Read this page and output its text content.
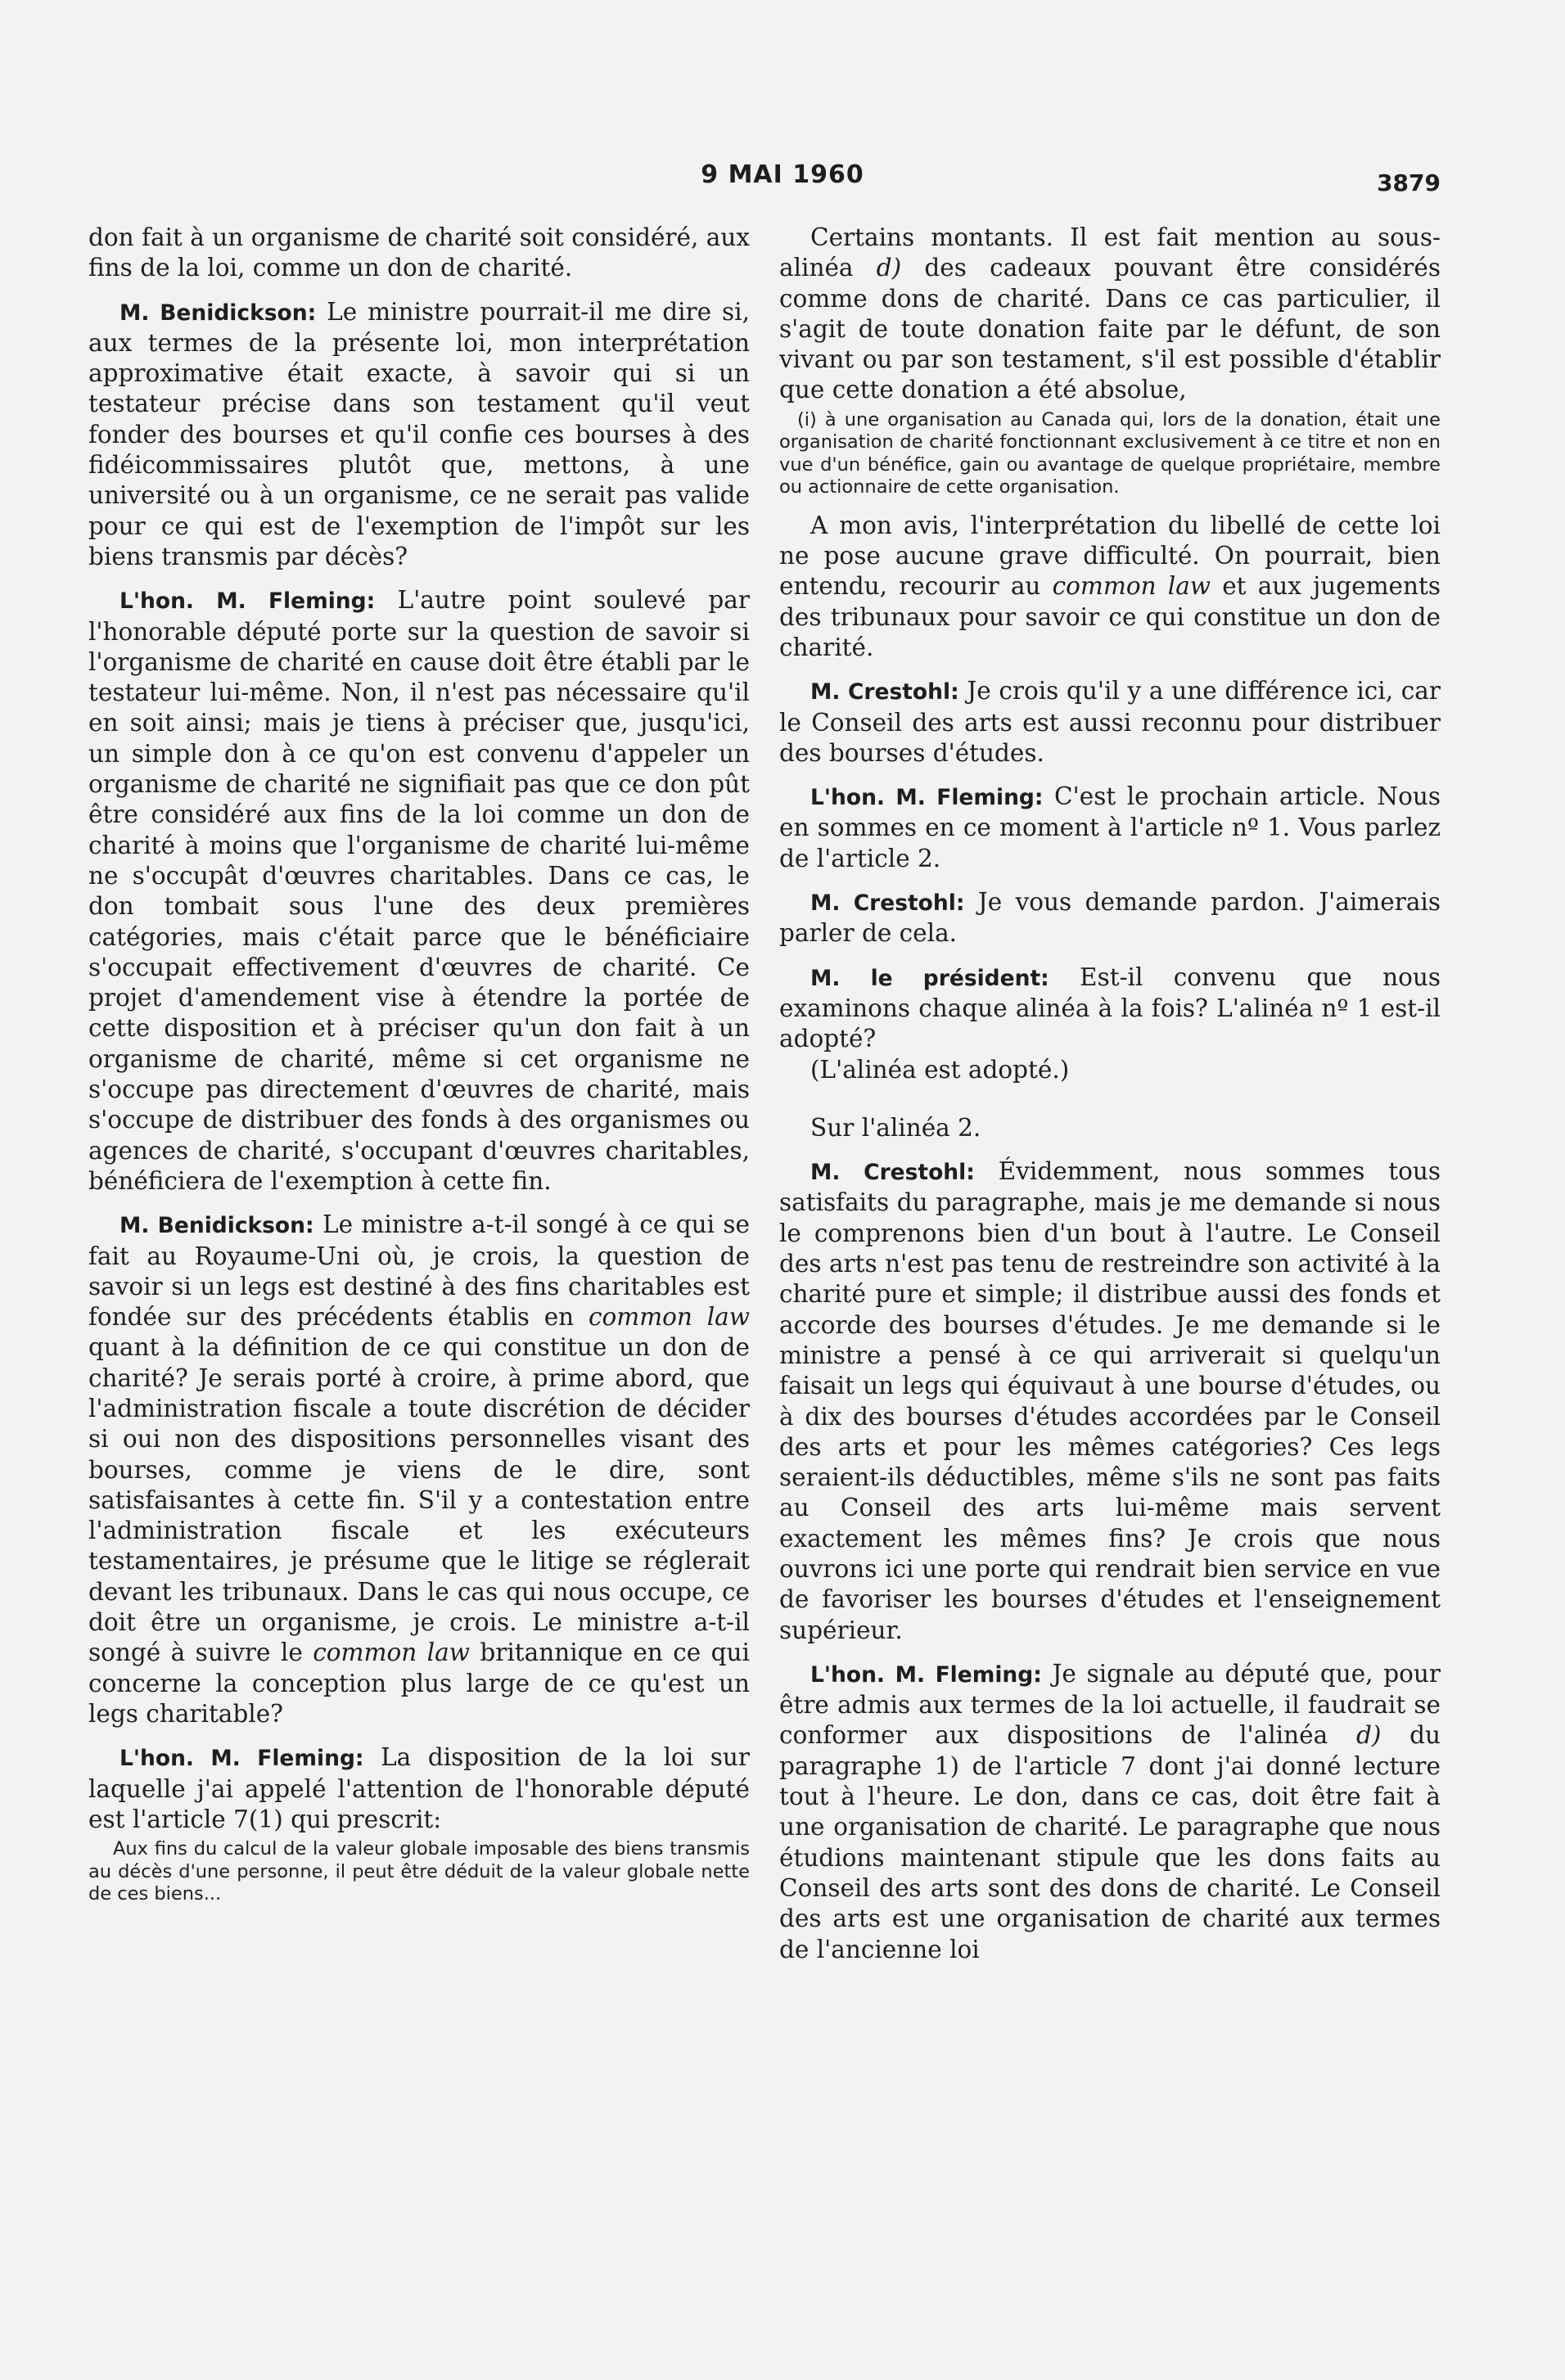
9 MAI 1960	3879

don fait à un organisme de charité soit considéré, aux fins de la loi, comme un don de charité.

M. Benidickson: Le ministre pourrait-il me dire si, aux termes de la présente loi, mon interprétation approximative était exacte, à savoir qui si un testateur précise dans son testament qu'il veut fonder des bourses et qu'il confie ces bourses à des fidéicommissaires plutôt que, mettons, à une université ou à un organisme, ce ne serait pas valide pour ce qui est de l'exemption de l'impôt sur les biens transmis par décès?

L'hon. M. Fleming: L'autre point soulevé par l'honorable député porte sur la question de savoir si l'organisme de charité en cause doit être établi par le testateur lui-même. Non, il n'est pas nécessaire qu'il en soit ainsi; mais je tiens à préciser que, jusqu'ici, un simple don à ce qu'on est convenu d'appeler un organisme de charité ne signifiait pas que ce don pût être considéré aux fins de la loi comme un don de charité à moins que l'organisme de charité lui-même ne s'occupât d'œuvres charitables. Dans ce cas, le don tombait sous l'une des deux premières catégories, mais c'était parce que le bénéficiaire s'occupait effectivement d'œuvres de charité. Ce projet d'amendement vise à étendre la portée de cette disposition et à préciser qu'un don fait à un organisme de charité, même si cet organisme ne s'occupe pas directement d'œuvres de charité, mais s'occupe de distribuer des fonds à des organismes ou agences de charité, s'occupant d'œuvres charitables, bénéficiera de l'exemption à cette fin.

M. Benidickson: Le ministre a-t-il songé à ce qui se fait au Royaume-Uni où, je crois, la question de savoir si un legs est destiné à des fins charitables est fondée sur des précédents établis en common law quant à la définition de ce qui constitue un don de charité? Je serais porté à croire, à prime abord, que l'administration fiscale a toute discrétion de décider si oui non des dispositions personnelles visant des bourses, comme je viens de le dire, sont satisfaisantes à cette fin. S'il y a contestation entre l'administration fiscale et les exécuteurs testamentaires, je présume que le litige se réglerait devant les tribunaux. Dans le cas qui nous occupe, ce doit être un organisme, je crois. Le ministre a-t-il songé à suivre le common law britannique en ce qui concerne la conception plus large de ce qu'est un legs charitable?

L'hon. M. Fleming: La disposition de la loi sur laquelle j'ai appelé l'attention de l'honorable député est l'article 7(1) qui prescrit:

Aux fins du calcul de la valeur globale imposable des biens transmis au décès d'une personne, il peut être déduit de la valeur globale nette de ces biens...

Certains montants. Il est fait mention au sous-alinéa d) des cadeaux pouvant être considérés comme dons de charité. Dans ce cas particulier, il s'agit de toute donation faite par le défunt, de son vivant ou par son testament, s'il est possible d'établir que cette donation a été absolue,

(i) à une organisation au Canada qui, lors de la donation, était une organisation de charité fonctionnant exclusivement à ce titre et non en vue d'un bénéfice, gain ou avantage de quelque propriétaire, membre ou actionnaire de cette organisation.

A mon avis, l'interprétation du libellé de cette loi ne pose aucune grave difficulté. On pourrait, bien entendu, recourir au common law et aux jugements des tribunaux pour savoir ce qui constitue un don de charité.

M. Crestohl: Je crois qu'il y a une différence ici, car le Conseil des arts est aussi reconnu pour distribuer des bourses d'études.

L'hon. M. Fleming: C'est le prochain article. Nous en sommes en ce moment à l'article nº 1. Vous parlez de l'article 2.

M. Crestohl: Je vous demande pardon. J'aimerais parler de cela.

M. le président: Est-il convenu que nous examinons chaque alinéa à la fois? L'alinéa nº 1 est-il adopté?

(L'alinéa est adopté.)

Sur l'alinéa 2.

M. Crestohl: Évidemment, nous sommes tous satisfaits du paragraphe, mais je me demande si nous le comprenons bien d'un bout à l'autre. Le Conseil des arts n'est pas tenu de restreindre son activité à la charité pure et simple; il distribue aussi des fonds et accorde des bourses d'études. Je me demande si le ministre a pensé à ce qui arriverait si quelqu'un faisait un legs qui équivaut à une bourse d'études, ou à dix des bourses d'études accordées par le Conseil des arts et pour les mêmes catégories? Ces legs seraient-ils déductibles, même s'ils ne sont pas faits au Conseil des arts lui-même mais servent exactement les mêmes fins? Je crois que nous ouvrons ici une porte qui rendrait bien service en vue de favoriser les bourses d'études et l'enseignement supérieur.

L'hon. M. Fleming: Je signale au député que, pour être admis aux termes de la loi actuelle, il faudrait se conformer aux dispositions de l'alinéa d) du paragraphe 1) de l'article 7 dont j'ai donné lecture tout à l'heure. Le don, dans ce cas, doit être fait à une organisation de charité. Le paragraphe que nous étudions maintenant stipule que les dons faits au Conseil des arts sont des dons de charité. Le Conseil des arts est une organisation de charité aux termes de l'ancienne loi
